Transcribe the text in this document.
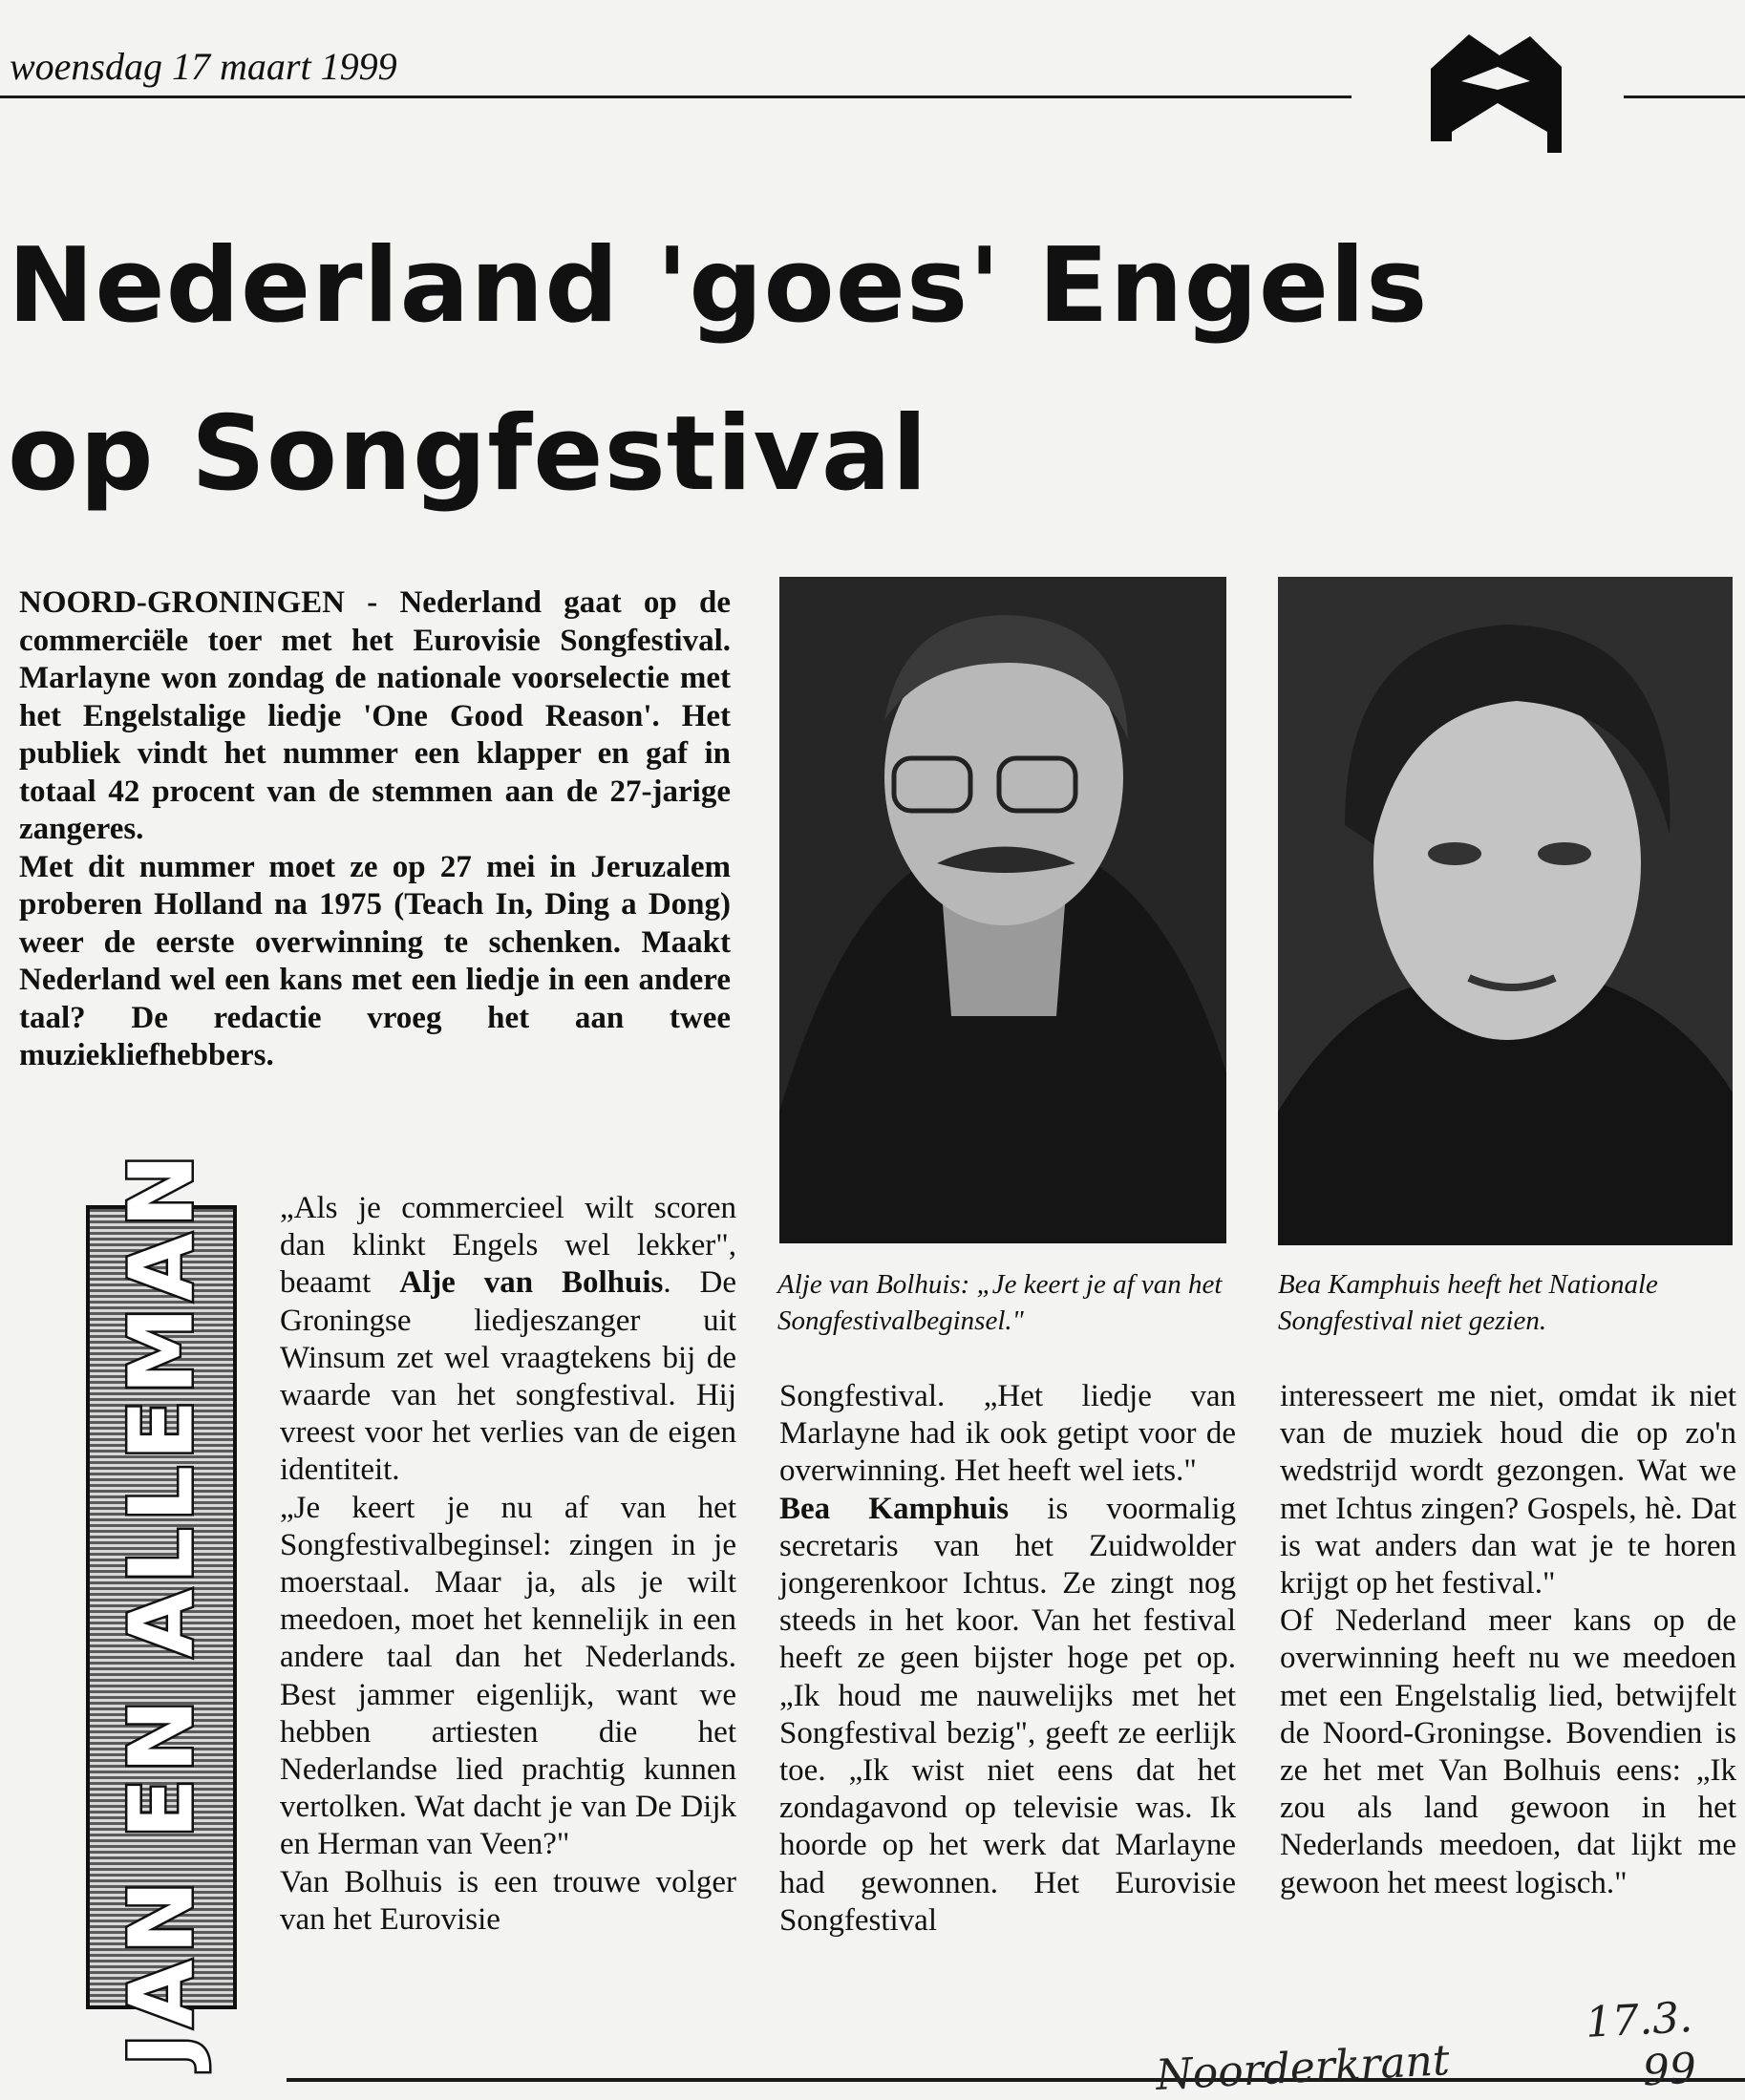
woensdag 17 maart 1999
Nederland 'goes' Engels
op Songfestival

NOORD-GRONINGEN - Nederland gaat op de commerciële toer met het Eurovisie Songfestival. Marlayne won zondag de nationale voorselectie met het Engelstalige liedje 'One Good Reason'. Het publiek vindt het nummer een klapper en gaf in totaal 42 procent van de stemmen aan de 27-jarige zangeres.

Met dit nummer moet ze op 27 mei in Jeruzalem proberen Holland na 1975 (Teach In, Ding a Dong) weer de eerste overwinning te schenken. Maakt Nederland wel een kans met een liedje in een andere taal? De redactie vroeg het aan twee muziekliefhebbers.

Alje van Bolhuis: „Je keert je af van het Songfestivalbeginsel."
Bea Kamphuis heeft het Nationale Songfestival niet gezien.
JAN EN ALLEMAN „Als je commercieel wilt scoren dan klinkt Engels wel lekker", beaamt Alje van Bolhuis. De Groningse liedjeszanger uit Winsum zet wel vraagtekens bij de waarde van het songfestival. Hij vreest voor het verlies van de eigen identiteit.

„Je keert je nu af van het Songfestivalbeginsel: zingen in je moerstaal. Maar ja, als je wilt meedoen, moet het kennelijk in een andere taal dan het Nederlands. Best jammer eigenlijk, want we hebben artiesten die het Nederlandse lied prachtig kunnen vertolken. Wat dacht je van De Dijk en Herman van Veen?"

Van Bolhuis is een trouwe volger van het Eurovisie

Songfestival. „Het liedje van Marlayne had ik ook getipt voor de overwinning. Het heeft wel iets."

Bea Kamphuis is voormalig secretaris van het Zuidwolder jongerenkoor Ichtus. Ze zingt nog steeds in het koor. Van het festival heeft ze geen bijster hoge pet op. „Ik houd me nauwelijks met het Songfestival bezig", geeft ze eerlijk toe. „Ik wist niet eens dat het zondagavond op televisie was. Ik hoorde op het werk dat Marlayne had gewonnen. Het Eurovisie Songfestival

interesseert me niet, omdat ik niet van de muziek houd die op zo'n wedstrijd wordt gezongen. Wat we met Ichtus zingen? Gospels, hè. Dat is wat anders dan wat je te horen krijgt op het festival."

Of Nederland meer kans op de overwinning heeft nu we meedoen met een Engelstalig lied, betwijfelt de Noord-Groningse. Bovendien is ze het met Van Bolhuis eens: „Ik zou als land gewoon in het Nederlands meedoen, dat lijkt me gewoon het meest logisch."

17.3.
Noorderkrant	99
